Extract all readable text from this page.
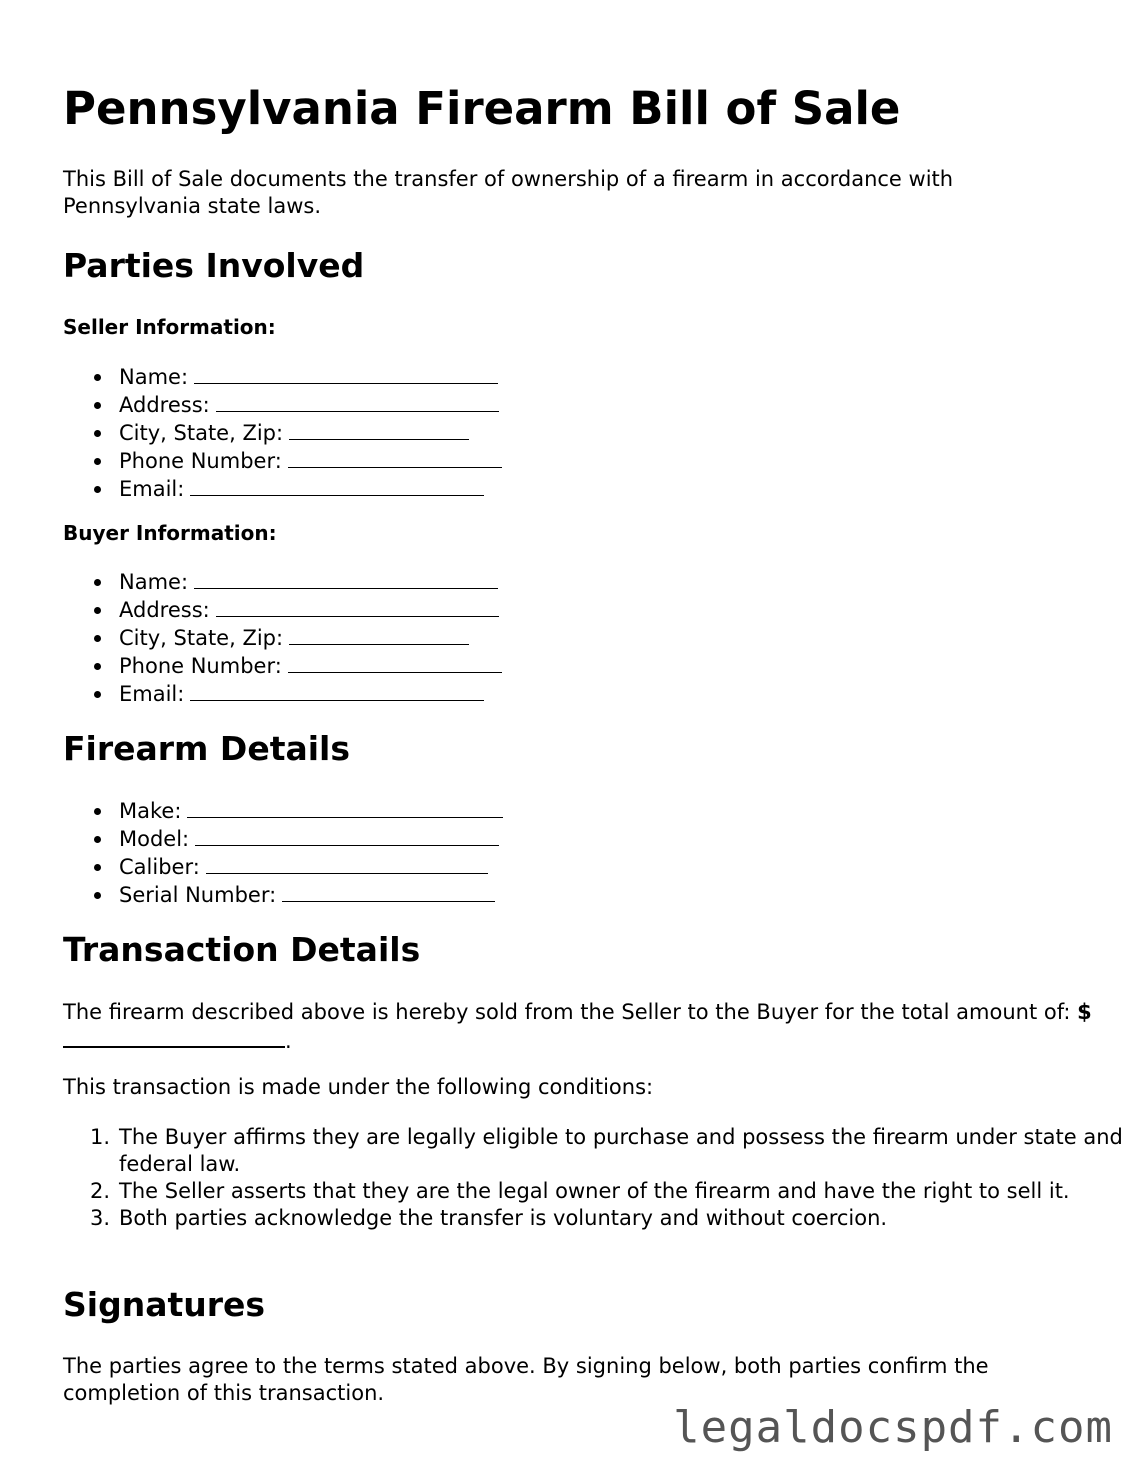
Pennsylvania Firearm Bill of Sale

This Bill of Sale documents the transfer of ownership of a firearm in accordance with Pennsylvania state laws.

Parties Involved
Seller Information:
Name:
Address:
City, State, Zip:
Phone Number:
Email:
Buyer Information:
Name:
Address:
City, State, Zip:
Phone Number:
Email:
Firearm Details
Make:
Model:
Caliber:
Serial Number:
Transaction Details

The firearm described above is hereby sold from the Seller to the Buyer for the total amount of: $.

This transaction is made under the following conditions:

The Buyer affirms they are legally eligible to purchase and possess the firearm under state and federal law.
The Seller asserts that they are the legal owner of the firearm and have the right to sell it.
Both parties acknowledge the transfer is voluntary and without coercion.
Signatures

The parties agree to the terms stated above. By signing below, both parties confirm the completion of this transaction.

legaldocspdf.com
